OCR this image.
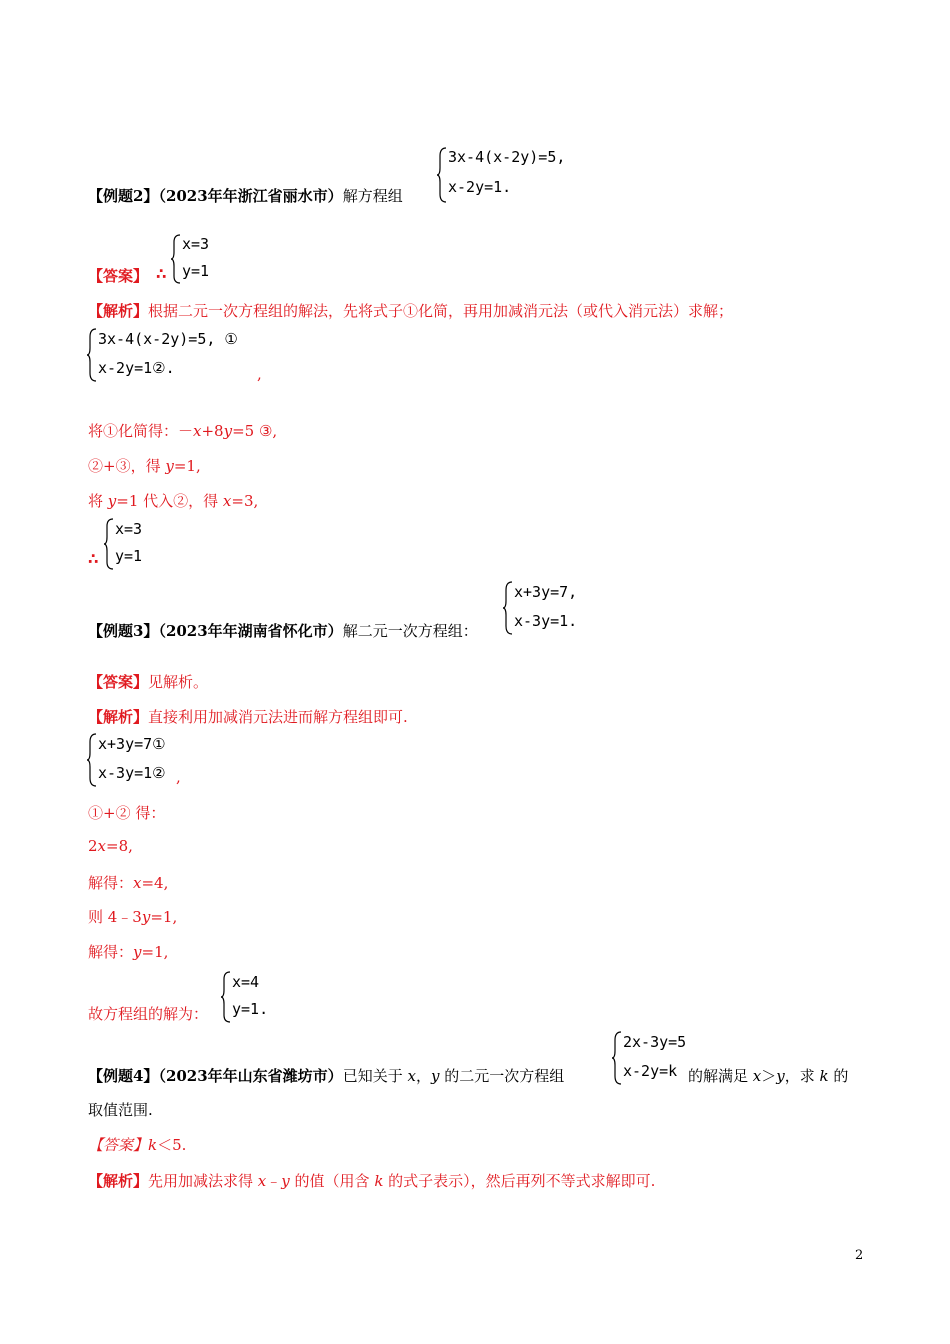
【例题2】（2023年年浙江省丽水市）解方程组
3x-4(x-2y)=5,
x-2y=1.
【答案】 ∴
x=3
y=1
【解析】根据二元一次方程组的解法，先将式子①化简，再用加减消元法（或代入消元法）求解；
3x-4(x-2y)=5, ①
x-2y=1②.	,
将①化简得：－x+8y=5 ③,
②+③，得 y=1,
将 y=1 代入②，得 x=3,
∴
x=3
y=1
【例题3】（2023年年湖南省怀化市）解二元一次方程组：
x+3y=7,
x-3y=1.
【答案】见解析。
【解析】直接利用加减消元法进而解方程组即可.
x+3y=7①
x-3y=1② ,
①+② 得：
2x=8,
解得：x=4,
则 4﹣3y=1,
解得：y=1,
故方程组的解为：
x=4
y=1.
【例题4】（2023年年山东省潍坊市）已知关于 x，y 的二元一次方程组
2x-3y=5
x-2y=k 的解满足 x＞y，求 k 的
取值范围.
【答案】k＜5.
【解析】先用加减法求得 x﹣y 的值（用含 k 的式子表示），然后再列不等式求解即可.
2
